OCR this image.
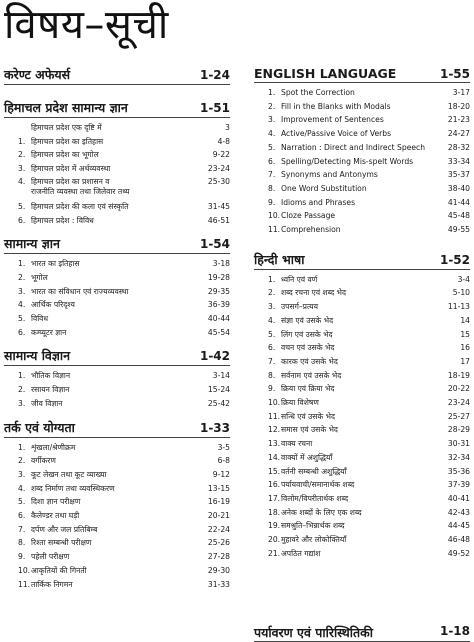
विषय–सूची
करेण्ट अफेयर्स	1-24
हिमाचल प्रदेश सामान्य ज्ञान	1-51
हिमाचल प्रदेश एक दृष्टि में	3
1. हिमाचल प्रदेश का इतिहास	4-8
2. हिमाचल प्रदेश का भूगोल	9-22
3. हिमाचल प्रदेश में अर्थव्यवस्था	23-24
4. हिमाचल प्रदेश का प्रशासन व
राजनीति व्यवस्था तथा जिलेवार तथ्य
25-30
5. हिमाचल प्रदेश की कला एवं संस्कृति	31-45
6. हिमाचल प्रदेश : विविध	46-51
सामान्य ज्ञान	1-54
1. भारत का इतिहास	3-18
2. भूगोल	19-28
3. भारत का संविधान एवं राज्यव्यवस्था	29-35
4. आर्थिक परिदृश्य	36-39
5. विविध	40-44
6. कम्प्यूटर ज्ञान	45-54
सामान्य विज्ञान	1-42
1. भौतिक विज्ञान	3-14
2. रसायन विज्ञान	15-24
3. जीव विज्ञान	25-42
तर्क एवं योग्यता	1-33
1. शृंखला/श्रेणीक्रम	3-5
2. वर्गीकरण	6-8
3. कूट लेखन तथा कूट व्याख्या	9-12
4. शब्द निर्माण तथा व्यवस्थिकरण	13-15
5. दिशा ज्ञान परीक्षण	16-19
6. कैलेण्डर तथा घड़ी	20-21
7. दर्पण और जल प्रतिबिम्ब	22-24
8. रिश्ता सम्बन्धी परीक्षण	25-26
9. पहेली परीक्षण	27-28
10. आकृतियों की गिनती	29-30
11. तार्किक निगमन	31-33
ENGLISH LANGUAGE	1-55
1. Spot the Correction	3-17
2. Fill in the Blanks with Modals	18-20
3. Improvement of Sentences	21-23
4. Active/Passive Voice of Verbs	24-27
5. Narration : Direct and Indirect Speech	28-32
6. Spelling/Detecting Mis-spelt Words	33-34
7. Synonyms and Antonyms	35-37
8. One Word Substitution	38-40
9. Idioms and Phrases	41-44
10. Cloze Passage	45-48
11. Comprehension	49-55
हिन्दी भाषा	1-52
1. ध्वनि एवं वर्ण	3-4
2. शब्द रचना एवं शब्द भेद	5-10
3. उपसर्ग–प्रत्यय	11-13
4. संज्ञा एवं उसके भेद	14
5. लिंग एवं उसके भेद	15
6. वचन एवं उसके भेद	16
7. कारक एवं उसके भेद	17
8. सर्वनाम एवं उसके भेद	18-19
9. क्रिया एवं क्रिया भेद	20-22
10. क्रिया विशेषण	23-24
11. सन्धि एवं उसके भेद	25-27
12. समास एवं उसके भेद	28-29
13. वाक्य रचना	30-31
14. वाक्यों में अशुद्धियाँ	32-34
15. वर्तनी सम्बन्धी अशुद्धियाँ	35-36
16. पर्यायवाची/समानार्थक शब्द	37-39
17. विलोम/विपरीतार्थक शब्द	40-41
18. अनेक शब्दों के लिए एक शब्द	42-43
19. समश्रुति–भिन्नार्थक शब्द	44-45
20. मुहावरे और लोकोक्तियाँ	46-48
21. अपठित गद्यांश	49-52
पर्यावरण एवं पारिस्थितिकी	1-18
